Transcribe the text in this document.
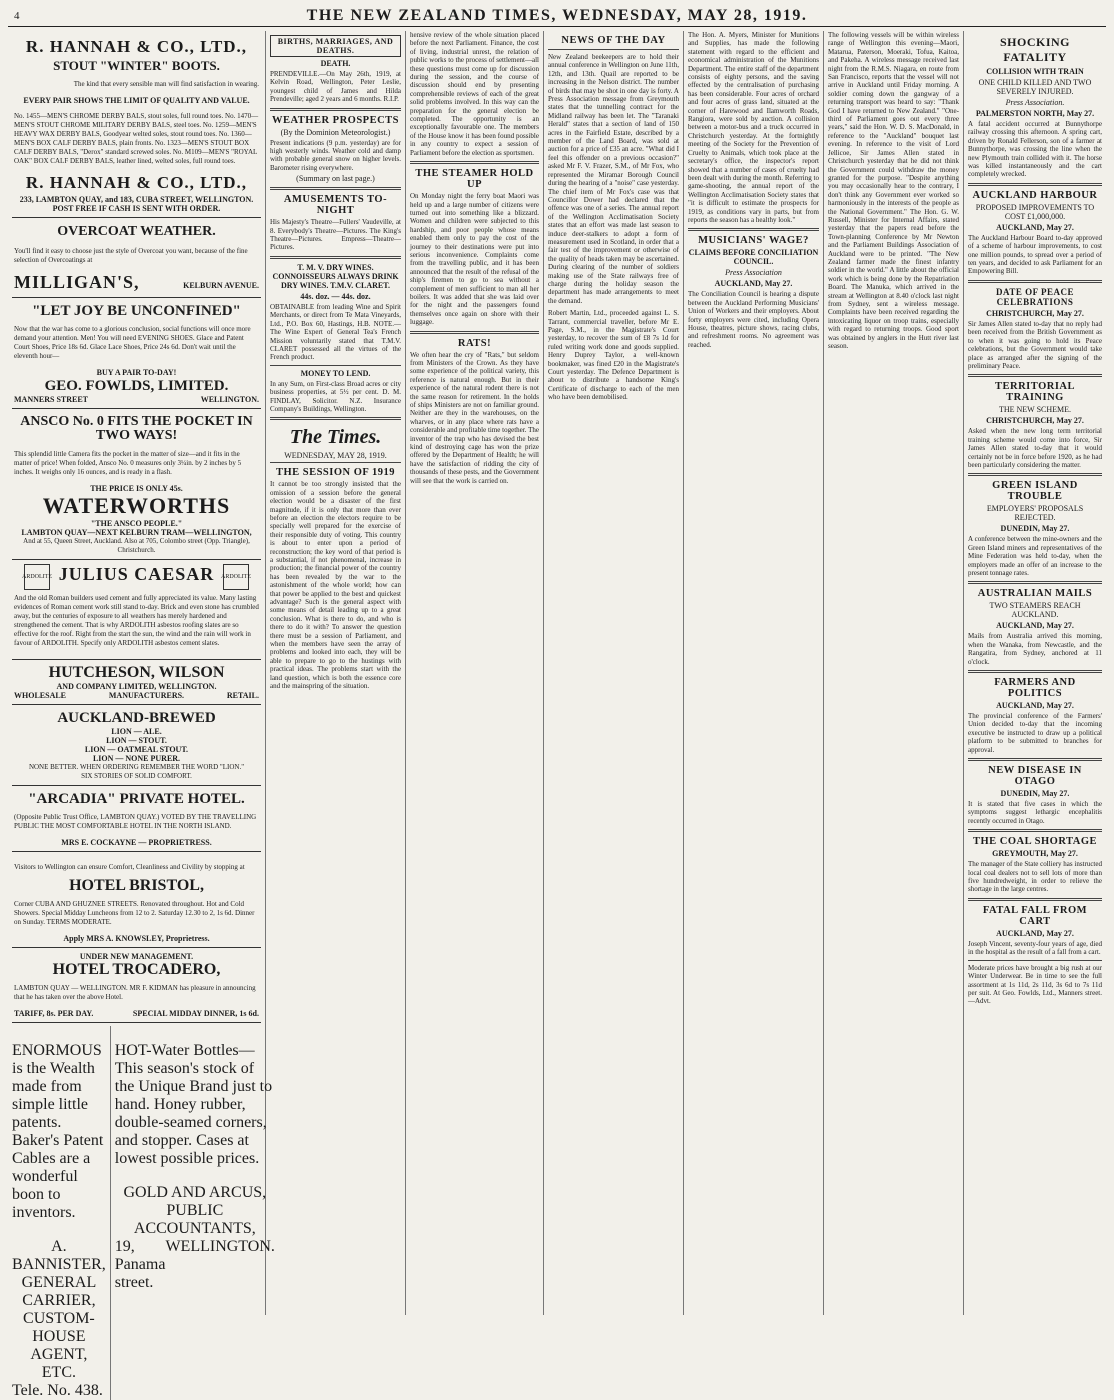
4	THE NEW ZEALAND TIMES, WEDNESDAY, MAY 28, 1919.
R. HANNAH & CO., LTD.,
STOUT "WINTER" BOOTS.

The kind that every sensible man will find satisfaction in wearing.

EVERY PAIR SHOWS THE LIMIT OF QUALITY AND VALUE.

No. 1455—MEN'S CHROME DERBY BALS, stout soles, full round toes. No. 1470—MEN'S STOUT CHROME MILITARY DERBY BALS, steel toes. No. 1259—MEN'S HEAVY WAX DERBY BALS, Goodyear welted soles, stout round toes. No. 1360—MEN'S BOX CALF DERBY BALS, plain fronts. No. 1323—MEN'S STOUT BOX CALF DERBY BALS, "Derox" standard screwed soles. No. M109—MEN'S "ROYAL OAK" BOX CALF DERBY BALS, leather lined, welted soles, full round toes.

R. HANNAH & CO., LTD.,
233, LAMBTON QUAY, and 183, CUBA STREET, WELLINGTON.
POST FREE IF CASH IS SENT WITH ORDER.
OVERCOAT WEATHER.

You'll find it easy to choose just the style of Overcoat you want, because of the fine selection of Overcoatings at

MILLIGAN'S,	KELBURN AVENUE.
"LET JOY BE UNCONFINED"

Now that the war has come to a glorious conclusion, social functions will once more demand your attention. Men! You will need EVENING SHOES. Glace and Patent Court Shoes, Price 18s 6d. Glace Lace Shoes, Price 24s 6d. Don't wait until the eleventh hour—

BUY A PAIR TO-DAY!
GEO. FOWLDS, LIMITED.
MANNERS STREET	WELLINGTON.
ANSCO No. 0 FITS THE POCKET IN TWO WAYS!

This splendid little Camera fits the pocket in the matter of size—and it fits in the matter of price! When folded, Ansco No. 0 measures only 3¼in. by 2 inches by 5 inches. It weighs only 16 ounces, and is ready in a flash.

THE PRICE IS ONLY 45s.
WATERWORTHS
"THE ANSCO PEOPLE."
LAMBTON QUAY—NEXT KELBURN TRAM—WELLINGTON,
And at 55, Queen Street, Auckland. Also at 705, Colombo street (Opp. Triangle), Christchurch.
ARDOLITE JULIUS CAESAR ARDOLITE

And the old Roman builders used cement and fully appreciated its value. Many lasting evidences of Roman cement work still stand to-day. Brick and even stone has crumbled away, but the centuries of exposure to all weathers has merely hardened and strengthened the cement. That is why ARDOLITH asbestos roofing slates are so effective for the roof. Right from the start the sun, the wind and the rain will work in favour of ARDOLITH. Specify only ARDOLITH asbestos cement slates.

HUTCHESON, WILSON
AND COMPANY LIMITED, WELLINGTON.
WHOLESALE	MANUFACTURERS.	RETAIL.
AUCKLAND-BREWED
LION — ALE.
LION — STOUT.
LION — OATMEAL STOUT.
LION — NONE PURER.
NONE BETTER. WHEN ORDERING REMEMBER THE WORD "LION."
SIX STORIES OF SOLID COMFORT.
"ARCADIA" PRIVATE HOTEL.

(Opposite Public Trust Office, LAMBTON QUAY.) VOTED BY THE TRAVELLING PUBLIC THE MOST COMFORTABLE HOTEL IN THE NORTH ISLAND.

MRS E. COCKAYNE — PROPRIETRESS.

Visitors to Wellington can ensure Comfort, Cleanliness and Civility by stopping at

HOTEL BRISTOL,

Corner CUBA AND GHUZNEE STREETS. Renovated throughout. Hot and Cold Showers. Special Midday Luncheons from 12 to 2. Saturday 12.30 to 2, 1s 6d. Dinner on Sunday. TERMS MODERATE.

Apply MRS A. KNOWSLEY, Proprietress.
UNDER NEW MANAGEMENT.
HOTEL TROCADERO,

LAMBTON QUAY — WELLINGTON. MR F. KIDMAN has pleasure in announcing that he has taken over the above Hotel.

TARIFF, 8s. PER DAY.	SPECIAL MIDDAY DINNER, 1s 6d.

ENORMOUS is the Wealth made from simple little patents. Baker's Patent Cables are a wonderful boon to inventors.

A. BANNISTER, GENERAL CARRIER, CUSTOM-HOUSE AGENT, ETC.
Tele. No. 438.

HOT-Water Bottles—This season's stock of the Unique Brand just to hand. Honey rubber, double-seamed corners, and stopper. Cases at lowest possible prices.

GOLD AND ARCUS, PUBLIC ACCOUNTANTS,
19, Panama street.
WELLINGTON.
BIRTHS, MARRIAGES, AND DEATHS.
DEATH.

PRENDEVILLE.—On May 26th, 1919, at Kelvin Road, Wellington, Peter Leslie, youngest child of James and Hilda Prendeville; aged 2 years and 6 months. R.I.P.

WEATHER PROSPECTS
(By the Dominion Meteorologist.)

Present indications (9 p.m. yesterday) are for high westerly winds. Weather cold and damp with probable general snow on higher levels. Barometer rising everywhere.

(Summary on last page.)
AMUSEMENTS TO-NIGHT

His Majesty's Theatre—Fullers' Vaudeville, at 8. Everybody's Theatre—Pictures. The King's Theatre—Pictures. Empress—Theatre—Pictures.

T. M. V. DRY WINES. CONNOISSEURS ALWAYS DRINK DRY WINES. T.M.V. CLARET.
44s. doz. — 44s. doz.

OBTAINABLE from leading Wine and Spirit Merchants, or direct from Te Mata Vineyards, Ltd., P.O. Box 60, Hastings, H.B. NOTE.—The Wine Expert of General Tea's French Mission voluntarily stated that T.M.V. CLARET possessed all the virtues of the French product.

MONEY TO LEND.

In any Sum, on First-class Broad acres or city business properties, at 5½ per cent. D. M. FINDLAY, Solicitor. N.Z. Insurance Company's Buildings, Wellington.

The Times.
WEDNESDAY, MAY 28, 1919.
THE SESSION OF 1919

It cannot be too strongly insisted that the omission of a session before the general election would be a disaster of the first magnitude, if it is only that more than ever before an election the electors require to be specially well prepared for the exercise of their responsible duty of voting. This country is about to enter upon a period of reconstruction; the key word of that period is a substantial, if not phenomenal, increase in production; the financial power of the country has been revealed by the war to the astonishment of the whole world; how can that power be applied to the best and quickest advantage? Such is the general aspect with some means of detail leading up to a great conclusion. What is there to do, and who is there to do it with? To answer the question there must be a session of Parliament, and when the members have seen the array of problems and looked into each, they will be able to prepare to go to the hustings with practical ideas. The problems start with the land question, which is both the essence core and the mainspring of the situation.

hensive review of the whole situation placed before the next Parliament. Finance, the cost of living, industrial unrest, the relation of public works to the process of settlement—all these questions must come up for discussion during the session, and the course of discussion should end by presenting comprehensible reviews of each of the great solid problems involved. In this way can the preparation for the general election be completed. The opportunity is an exceptionally favourable one. The members of the House know it has been found possible in any country to expect a session of Parliament before the election as sportsmen.

THE STEAMER HOLD UP

On Monday night the ferry boat Maori was held up and a large number of citizens were turned out into something like a blizzard. Women and children were subjected to this hardship, and poor people whose means enabled them only to pay the cost of the journey to their destinations were put into serious inconvenience. Complaints come from the travelling public, and it has been announced that the result of the refusal of the ship's firemen to go to sea without a complement of men sufficient to man all her boilers. It was added that she was laid over for the night and the passengers found themselves once again on shore with their luggage.

RATS!

We often hear the cry of "Rats," but seldom from Ministers of the Crown. As they have some experience of the political variety, this reference is natural enough. But in their experience of the natural rodent there is not the same reason for retirement. In the holds of ships Ministers are not on familiar ground. Neither are they in the warehouses, on the wharves, or in any place where rats have a considerable and profitable time together. The inventor of the trap who has devised the best kind of destroying cage has won the prize offered by the Department of Health; he will have the satisfaction of ridding the city of thousands of these pests, and the Government will see that the work is carried on.

NEWS OF THE DAY

New Zealand beekeepers are to hold their annual conference in Wellington on June 11th, 12th, and 13th. Quail are reported to be increasing in the Nelson district. The number of birds that may be shot in one day is forty. A Press Association message from Greymouth states that the tunnelling contract for the Midland railway has been let. The "Taranaki Herald" states that a section of land of 150 acres in the Fairfield Estate, described by a member of the Land Board, was sold at auction for a price of £35 an acre. "What did I feel this offender on a previous occasion?" asked Mr F. V. Frazer, S.M., of Mr Fox, who represented the Miramar Borough Council during the hearing of a "noise" case yesterday. The chief item of Mr Fox's case was that Councillor Dower had declared that the offence was one of a series. The annual report of the Wellington Acclimatisation Society states that an effort was made last season to induce deer-stalkers to adopt a form of measurement used in Scotland, in order that a fair test of the improvement or otherwise of the quality of heads taken may be ascertained. During clearing of the number of soldiers making use of the State railways free of charge during the holiday season the department has made arrangements to meet the demand.

Robert Martin, Ltd., proceeded against L. S. Tarrant, commercial traveller, before Mr E. Page, S.M., in the Magistrate's Court yesterday, to recover the sum of £8 7s 1d for ruled writing work done and goods supplied. Henry Duprey Taylor, a well-known bookmaker, was fined £20 in the Magistrate's Court yesterday. The Defence Department is about to distribute a handsome King's Certificate of discharge to each of the men who have been demobilised.

The Hon. A. Myers, Minister for Munitions and Supplies, has made the following statement with regard to the efficient and economical administration of the Munitions Department. The entire staff of the department consists of eighty persons, and the saving effected by the centralisation of purchasing has been considerable. Four acres of orchard and four acres of grass land, situated at the corner of Harewood and Ilamworth Roads, Rangiora, were sold by auction. A collision between a motor-bus and a truck occurred in Christchurch yesterday. At the fortnightly meeting of the Society for the Prevention of Cruelty to Animals, which took place at the secretary's office, the inspector's report showed that a number of cases of cruelty had been dealt with during the month. Referring to game-shooting, the annual report of the Wellington Acclimatisation Society states that "it is difficult to estimate the prospects for 1919, as conditions vary in parts, but from reports the season has a healthy look."

MUSICIANS' WAGE?
CLAIMS BEFORE CONCILIATION COUNCIL.
Press Association
AUCKLAND, May 27.

The Conciliation Council is hearing a dispute between the Auckland Performing Musicians' Union of Workers and their employers. About forty employers were cited, including Opera House, theatres, picture shows, racing clubs, and refreshment rooms. No agreement was reached.

The following vessels will be within wireless range of Wellington this evening—Maori, Matarua, Paterson, Moeraki, Tofua, Kaitoa, and Pakeha. A wireless message received last night from the R.M.S. Niagara, en route from San Francisco, reports that the vessel will not arrive in Auckland until Friday morning. A soldier coming down the gangway of a returning transport was heard to say: "Thank God I have returned to New Zealand." "One-third of Parliament goes out every three years," said the Hon. W. D. S. MacDonald, in reference to the "Auckland" bouquet last evening. In reference to the visit of Lord Jellicoe, Sir James Allen stated in Christchurch yesterday that he did not think the Government could withdraw the money granted for the purpose. "Despite anything you may occasionally hear to the contrary, I don't think any Government ever worked so harmoniously in the interests of the people as the National Government." The Hon. G. W. Russell, Minister for Internal Affairs, stated yesterday that the papers read before the Town-planning Conference by Mr Newton and the Parliament Buildings Association of Auckland were to be printed. "The New Zealand farmer made the finest infantry soldier in the world." A little about the official work which is being done by the Repatriation Board. The Manuka, which arrived in the stream at Wellington at 8.40 o'clock last night from Sydney, sent a wireless message. Complaints have been received regarding the intoxicating liquor on troop trains, especially with regard to returning troops. Good sport was obtained by anglers in the Hutt river last season.

SHOCKING FATALITY
COLLISION WITH TRAIN
ONE CHILD KILLED AND TWO SEVERELY INJURED.
Press Association.
PALMERSTON NORTH, May 27.

A fatal accident occurred at Bunnythorpe railway crossing this afternoon. A spring cart, driven by Ronald Fellerson, son of a farmer at Bunnythorpe, was crossing the line when the new Plymouth train collided with it. The horse was killed instantaneously and the cart completely wrecked.

AUCKLAND HARBOUR
PROPOSED IMPROVEMENTS TO COST £1,000,000.
AUCKLAND, May 27.

The Auckland Harbour Board to-day approved of a scheme of harbour improvements, to cost one million pounds, to spread over a period of ten years, and decided to ask Parliament for an Empowering Bill.

DATE OF PEACE CELEBRATIONS
CHRISTCHURCH, May 27.

Sir James Allen stated to-day that no reply had been received from the British Government as to when it was going to hold its Peace celebrations, but the Government would take place as arranged after the signing of the preliminary Peace.

TERRITORIAL TRAINING
THE NEW SCHEME.
CHRISTCHURCH, May 27.

Asked when the new long term territorial training scheme would come into force, Sir James Allen stated to-day that it would certainly not be in force before 1920, as he had been particularly considering the matter.

GREEN ISLAND TROUBLE
EMPLOYERS' PROPOSALS REJECTED.
DUNEDIN, May 27.

A conference between the mine-owners and the Green Island miners and representatives of the Mine Federation was held to-day, when the employers made an offer of an increase to the present tonnage rates.

AUSTRALIAN MAILS
TWO STEAMERS REACH AUCKLAND.
AUCKLAND, May 27.

Mails from Australia arrived this morning, when the Wanaka, from Newcastle, and the Rangatira, from Sydney, anchored at 11 o'clock.

FARMERS AND POLITICS
AUCKLAND, May 27.

The provincial conference of the Farmers' Union decided to-day that the incoming executive be instructed to draw up a political platform to be submitted to branches for approval.

NEW DISEASE IN OTAGO
DUNEDIN, May 27.

It is stated that five cases in which the symptoms suggest lethargic encephalitis recently occurred in Otago.

THE COAL SHORTAGE
GREYMOUTH, May 27.

The manager of the State colliery has instructed local coal dealers not to sell lots of more than five hundredweight, in order to relieve the shortage in the large centres.

FATAL FALL FROM CART
AUCKLAND, May 27.

Joseph Vincent, seventy-four years of age, died in the hospital as the result of a fall from a cart.

Moderate prices have brought a big rush at our Winter Underwear. Be in time to see the full assortment at 1s 11d, 2s 11d, 3s 6d to 7s 11d per suit. At Geo. Fowlds, Ltd., Manners street.—Advt.
